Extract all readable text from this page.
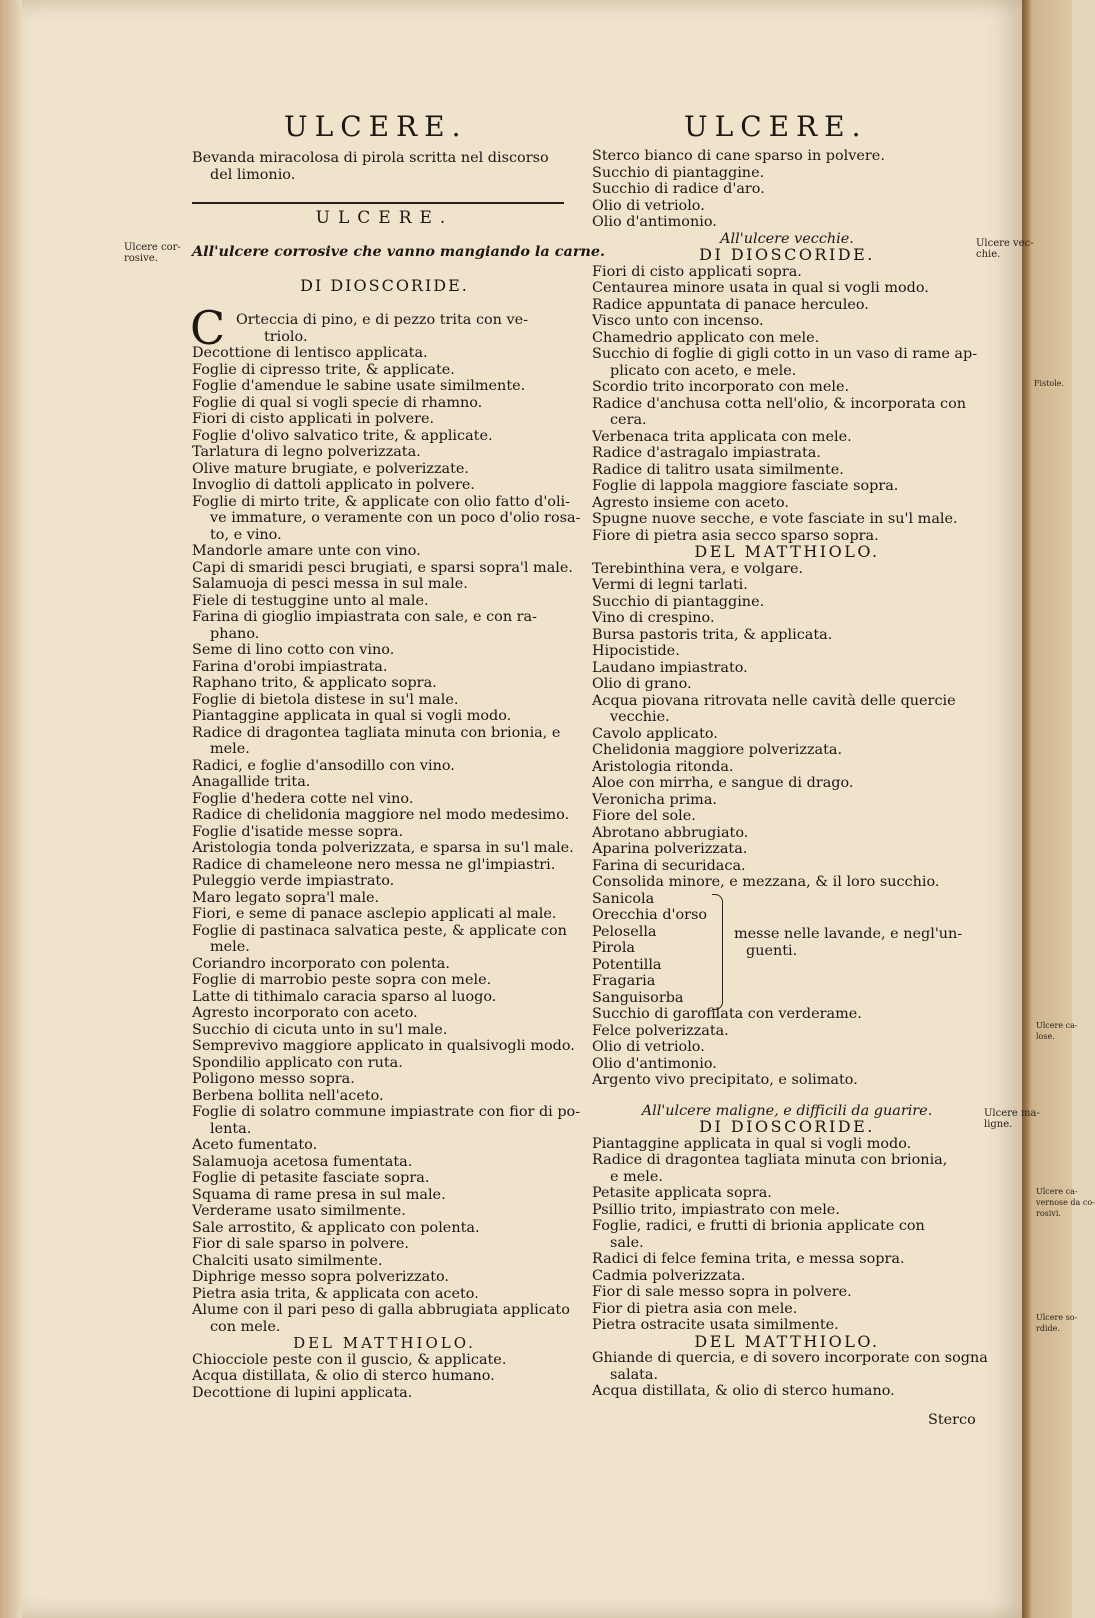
ULCERE.
Bevanda miracolosa di pirola scritta nel discorso
del limonio.
ULCERE.
All'ulcere corrosive che vanno mangiando la carne.
DI DIOSCORIDE.
C Orteccia di pino, e di pezzo trita con ve-
triolo.
Decottione di lentisco applicata.
Foglie di cipresso trite, & applicate.
Foglie d'amendue le sabine usate similmente.
Foglie di qual si vogli specie di rhamno.
Fiori di cisto applicati in polvere.
Foglie d'olivo salvatico trite, & applicate.
Tarlatura di legno polverizzata.
Olive mature brugiate, e polverizzate.
Invoglio di dattoli applicato in polvere.
Foglie di mirto trite, & applicate con olio fatto d'oli-
ve immature, o veramente con un poco d'olio rosa-
to, e vino.
Mandorle amare unte con vino.
Capi di smaridi pesci brugiati, e sparsi sopra'l male.
Salamuoja di pesci messa in sul male.
Fiele di testuggine unto al male.
Farina di gioglio impiastrata con sale, e con ra-
phano.
Seme di lino cotto con vino.
Farina d'orobi impiastrata.
Raphano trito, & applicato sopra.
Foglie di bietola distese in su'l male.
Piantaggine applicata in qual si vogli modo.
Radice di dragontea tagliata minuta con brionia, e
mele.
Radici, e foglie d'ansodillo con vino.
Anagallide trita.
Foglie d'hedera cotte nel vino.
Radice di chelidonia maggiore nel modo medesimo.
Foglie d'isatide messe sopra.
Aristologia tonda polverizzata, e sparsa in su'l male.
Radice di chameleone nero messa ne gl'impiastri.
Puleggio verde impiastrato.
Maro legato sopra'l male.
Fiori, e seme di panace asclepio applicati al male.
Foglie di pastinaca salvatica peste, & applicate con
mele.
Coriandro incorporato con polenta.
Foglie di marrobio peste sopra con mele.
Latte di tithimalo caracia sparso al luogo.
Agresto incorporato con aceto.
Succhio di cicuta unto in su'l male.
Semprevivo maggiore applicato in qualsivogli modo.
Spondilio applicato con ruta.
Poligono messo sopra.
Berbena bollita nell'aceto.
Foglie di solatro commune impiastrate con fior di po-
lenta.
Aceto fumentato.
Salamuoja acetosa fumentata.
Foglie di petasite fasciate sopra.
Squama di rame presa in sul male.
Verderame usato similmente.
Sale arrostito, & applicato con polenta.
Fior di sale sparso in polvere.
Chalciti usato similmente.
Diphrige messo sopra polverizzato.
Pietra asia trita, & applicata con aceto.
Alume con il pari peso di galla abbrugiata applicato
con mele.
DEL MATTHIOLO.
Chiocciole peste con il guscio, & applicate.
Acqua distillata, & olio di sterco humano.
Decottione di lupini applicata.
Ulcere cor-
rosive.
ULCERE.
Sterco bianco di cane sparso in polvere.
Succhio di piantaggine.
Succhio di radice d'aro.
Olio di vetriolo.
Olio d'antimonio.
All'ulcere vecchie.
DI DIOSCORIDE.
Fiori di cisto applicati sopra.
Centaurea minore usata in qual si vogli modo.
Radice appuntata di panace herculeo.
Visco unto con incenso.
Chamedrio applicato con mele.
Succhio di foglie di gigli cotto in un vaso di rame ap-
plicato con aceto, e mele.
Scordio trito incorporato con mele.
Radice d'anchusa cotta nell'olio, & incorporata con
cera.
Verbenaca trita applicata con mele.
Radice d'astragalo impiastrata.
Radice di talitro usata similmente.
Foglie di lappola maggiore fasciate sopra.
Agresto insieme con aceto.
Spugne nuove secche, e vote fasciate in su'l male.
Fiore di pietra asia secco sparso sopra.
DEL MATTHIOLO.
Terebinthina vera, e volgare.
Vermi di legni tarlati.
Succhio di piantaggine.
Vino di crespino.
Bursa pastoris trita, & applicata.
Hipocistide.
Laudano impiastrato.
Olio di grano.
Acqua piovana ritrovata nelle cavità delle quercie
vecchie.
Cavolo applicato.
Chelidonia maggiore polverizzata.
Aristologia ritonda.
Aloe con mirrha, e sangue di drago.
Veronicha prima.
Fiore del sole.
Abrotano abbrugiato.
Aparina polverizzata.
Farina di securidaca.
Consolida minore, e mezzana, & il loro succhio.
Sanicola
Orecchia d'orso
Pelosella
Pirola
Potentilla
Fragaria
Sanguisorba
Succhio di garofilata con verderame.
Felce polverizzata.
Olio di vetriolo.
Olio d'antimonio.
Argento vivo precipitato, e solimato.
All'ulcere maligne, e difficili da guarire.
DI DIOSCORIDE.
Piantaggine applicata in qual si vogli modo.
Radice di dragontea tagliata minuta con brionia,
e mele.
Petasite applicata sopra.
Psillio trito, impiastrato con mele.
Foglie, radici, e frutti di brionia applicate con
sale.
Radici di felce femina trita, e messa sopra.
Cadmia polverizzata.
Fior di sale messo sopra in polvere.
Fior di pietra asia con mele.
Pietra ostracite usata similmente.
DEL MATTHIOLO.
Ghiande di quercia, e di sovero incorporate con sogna
salata.
Acqua distillata, & olio di sterco humano.
messe nelle lavande, e negl'un-
guenti.
Sterco
Ulcere vec-
chie.
Fistole.
Ulcere ca-
lose.
Ulcere ma-
ligne.
Ulcere ca-
vernose da co-
rosivi.
Ulcere so-
rdide.
